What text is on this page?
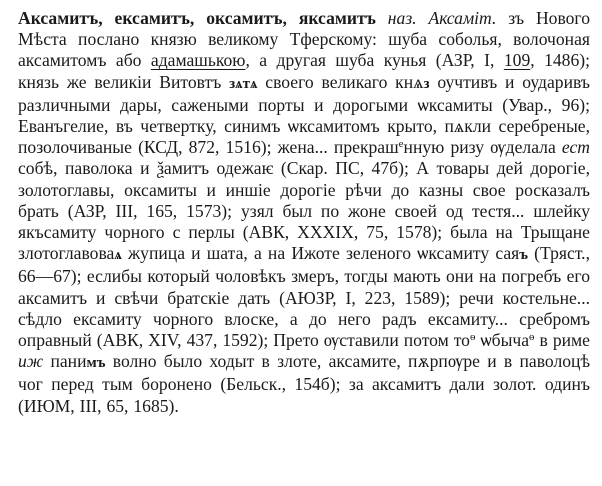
Аксамитъ, ексамитъ, оксамитъ, яксамитъ наз. Аксамiт. зъ Нового Мѣста послано князю великому Тферскому: шуба соболья, волочоная аксамитомъ або адамашькою, а другая шуба кунья (АЗР, I, 109, 1486); князь же великiи Витовтъ зѧтѧ своего великаго кнѧз оучтивъ и оударивъ различными дары, сажеными порты и дорогыми ѡксамиты (Увар., 96); Еванъгелие, въ четвертку, синимъ ѡксамитомъ крыто, пѧкли серебреные, позолочиваные (КСД, 872, 1516); жена... прекраш$^е$нную ризу ѹделала ест собѣ, паволока и ѯамитъ одежаѥ (Скар. ПС, 47б); А товары дей дорогiе, золотоглавы, оксамиты и иншiе дорогiе рѣчи до казны свое росказалъ брать (АЗР, III, 165, 1573); узял был по жоне своей од тестя... шлейку якъсамиту чорного с перлы (АВК, XXXIX, 75, 1578); была на Трыщане злотоглавоваѧ жупица и шата, а на Ижоте зеленого ѡксамиту саяъ (Тряст., 66—67); еслибы который чоловѣкъ змеръ, тогды мають они на погребъ его аксамитъ и свѣчи братскiе дать (АЮЗР, I, 223, 1589); речи костельне... сѣдло ексамиту чорного влоске, а до него радъ ексамиту... сребромъ оправный (АВК, XIV, 437, 1592); Прето ѹставили потом $то^ѳ$ ѡбыча$^ѳ$ в риме иж панимъ волно было ходыт в злоте, аксамите, пѫрпѹре и в паволоцѣ чог перед тым боронено (Бельск., 154б); за аксамитъ дали золот. одинъ (ИЮМ, III, 65, 1685).
